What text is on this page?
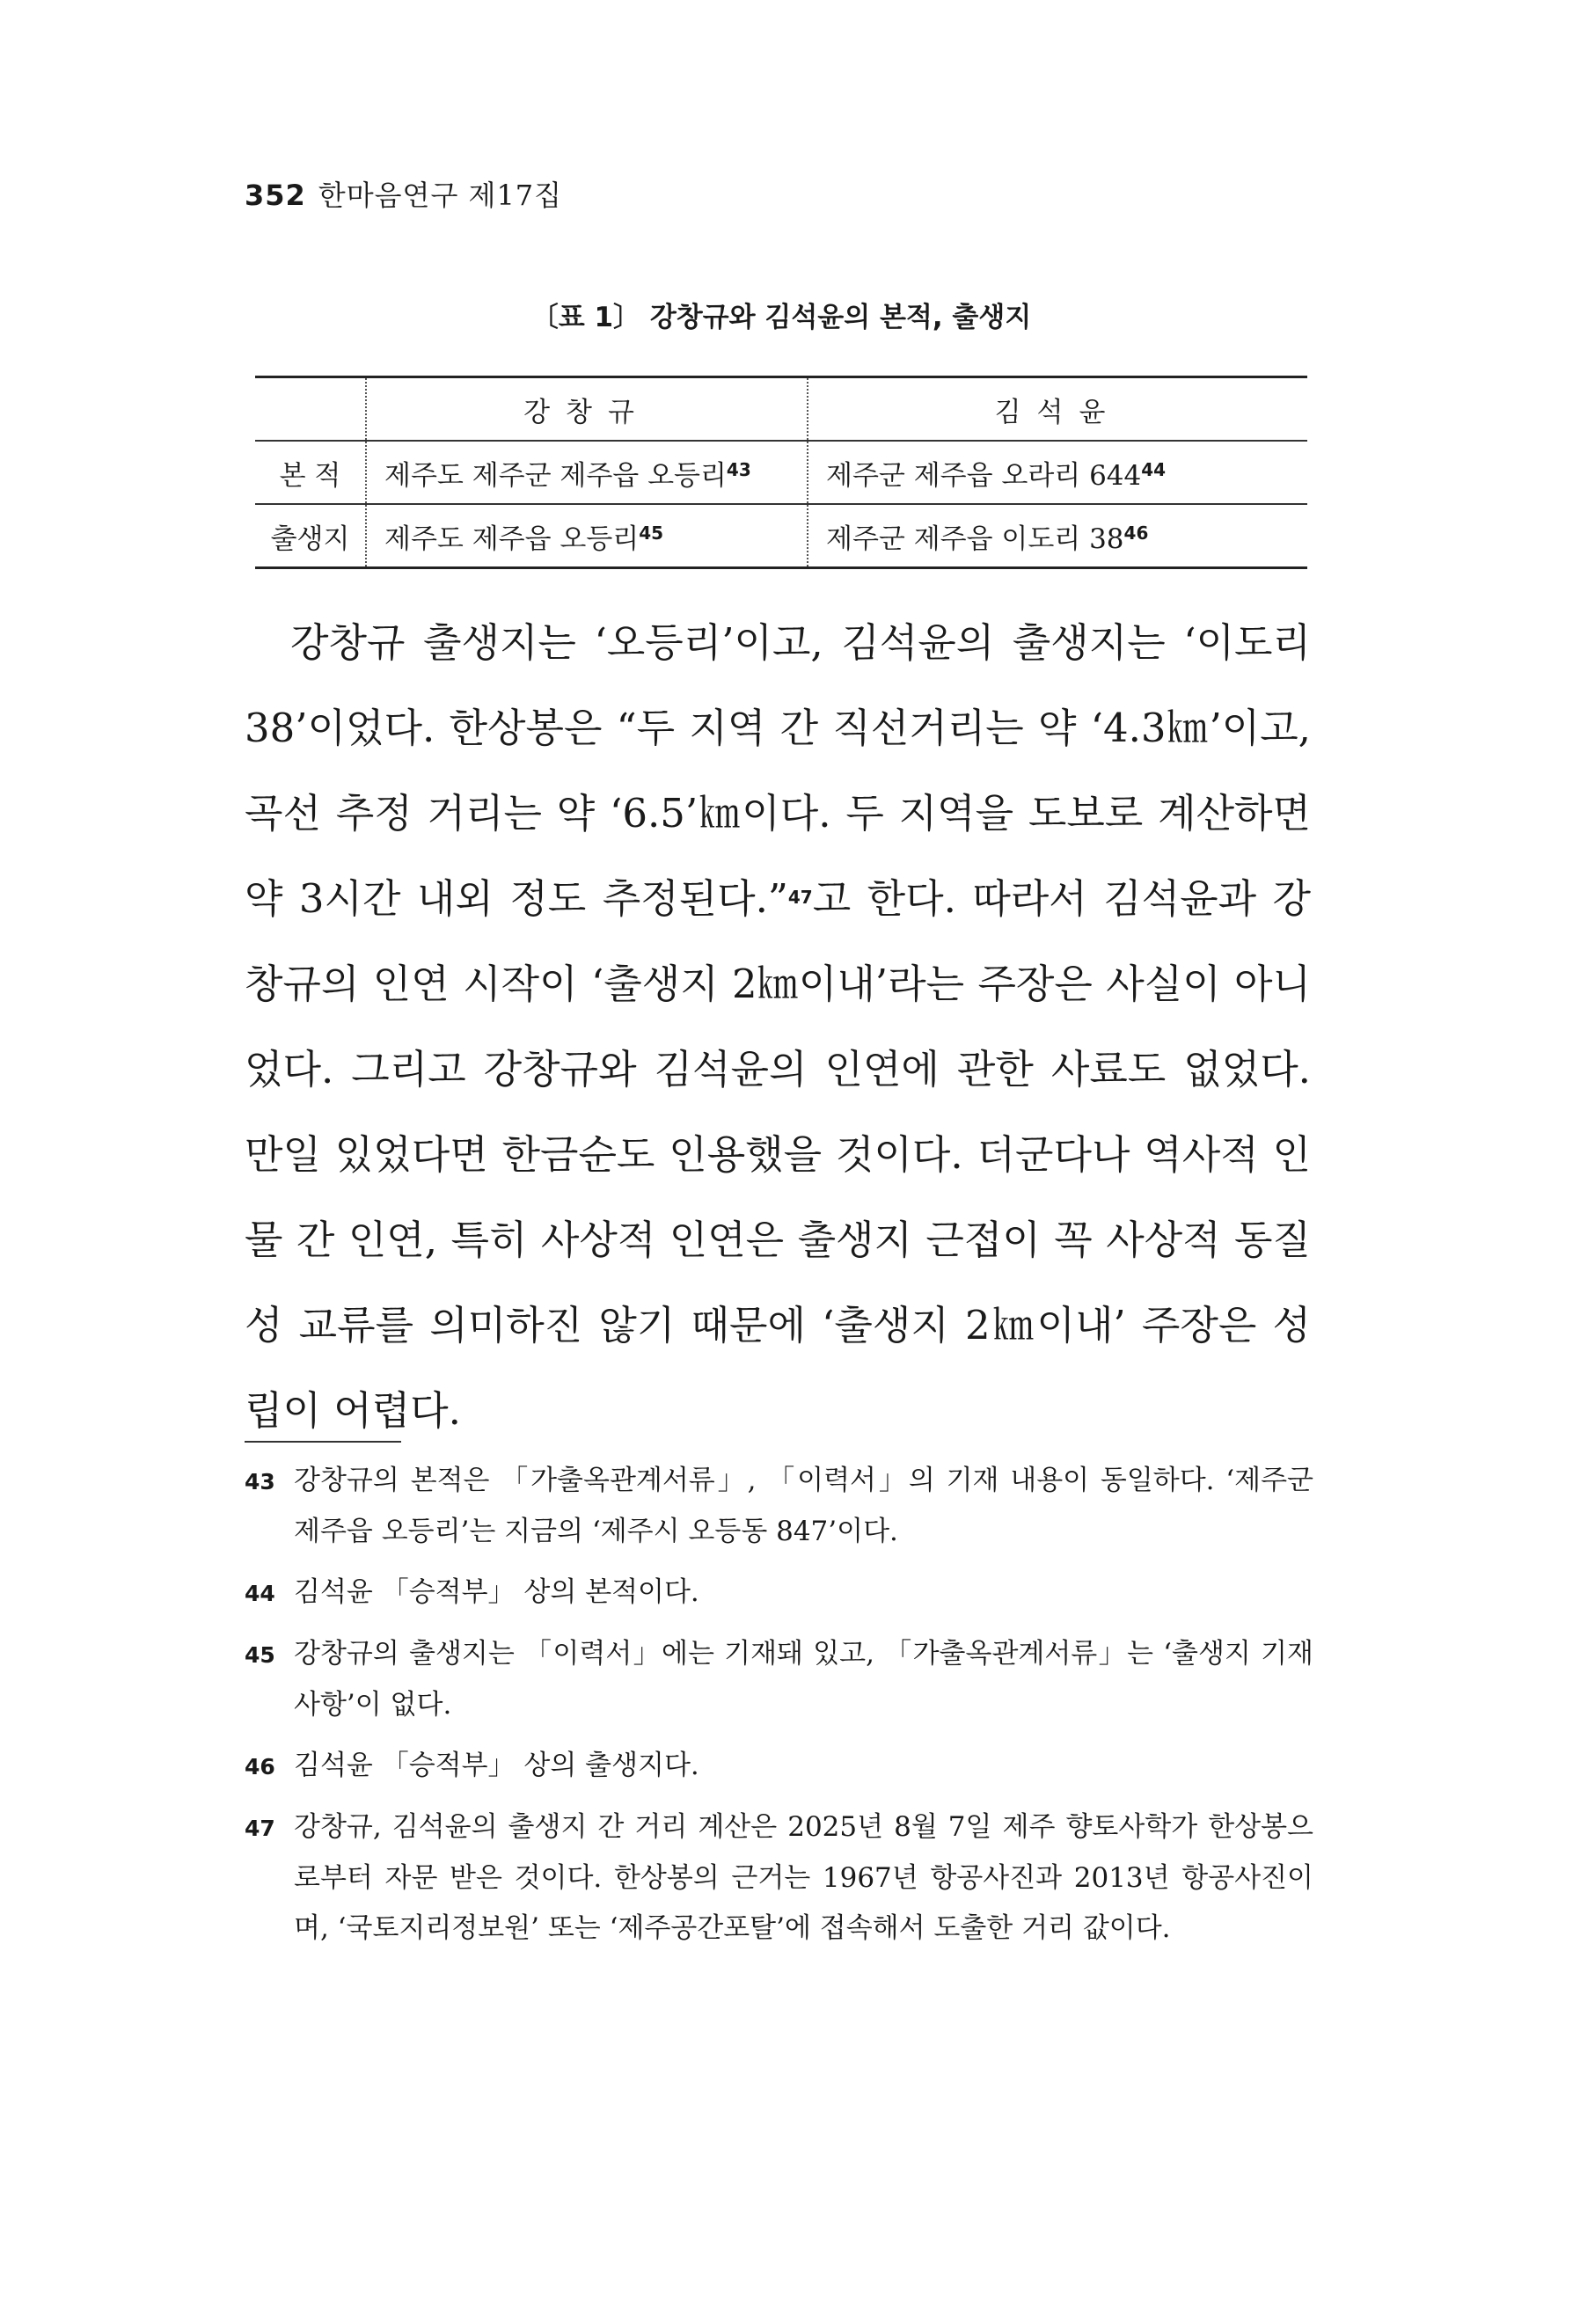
352 한마음연구 제17집
〔표 1〕 강창규와 김석윤의 본적, 출생지
	강창규	김석윤
본 적	제주도 제주군 제주읍 오등리$^{43}$	제주군 제주읍 오라리 $644^{44}$
출생지	제주도 제주읍 오등리$^{45}$	제주군 제주읍 이도리 $38^{46}$

강창규 출생지는 ‘오등리’이고, 김석윤의 출생지는 ‘이도리 38’이었다. 한상봉은 “두 지역 간 직선거리는 약 ‘4.3㎞’이고, 곡선 추정 거리는 약 ‘6.5’㎞이다. 두 지역을 도보로 계산하면 약 3시간 내외 정도 추정된다.”$^{47}$고 한다. 따라서 김석윤과 강창규의 인연 시작이 ‘출생지 2㎞이내’라는 주장은 사실이 아니었다. 그리고 강창규와 김석윤의 인연에 관한 사료도 없었다. 만일 있었다면 한금순도 인용했을 것이다. 더군다나 역사적 인물 간 인연, 특히 사상적 인연은 출생지 근접이 꼭 사상적 동질성 교류를 의미하진 않기 때문에 ‘출생지 2㎞이내’ 주장은 성립이 어렵다.

43 강창규의 본적은 「가출옥관계서류」, 「이력서」의 기재 내용이 동일하다. ‘제주군 제주읍 오등리’는 지금의 ‘제주시 오등동 847’이다.

44 김석윤 「승적부」 상의 본적이다.

45 강창규의 출생지는 「이력서」에는 기재돼 있고, 「가출옥관계서류」는 ‘출생지 기재 사항’이 없다.

46 김석윤 「승적부」 상의 출생지다.

47 강창규, 김석윤의 출생지 간 거리 계산은 2025년 8월 7일 제주 향토사학가 한상봉으로부터 자문 받은 것이다. 한상봉의 근거는 1967년 항공사진과 2013년 항공사진이며, ‘국토지리정보원’ 또는 ‘제주공간포탈’에 접속해서 도출한 거리 값이다.
